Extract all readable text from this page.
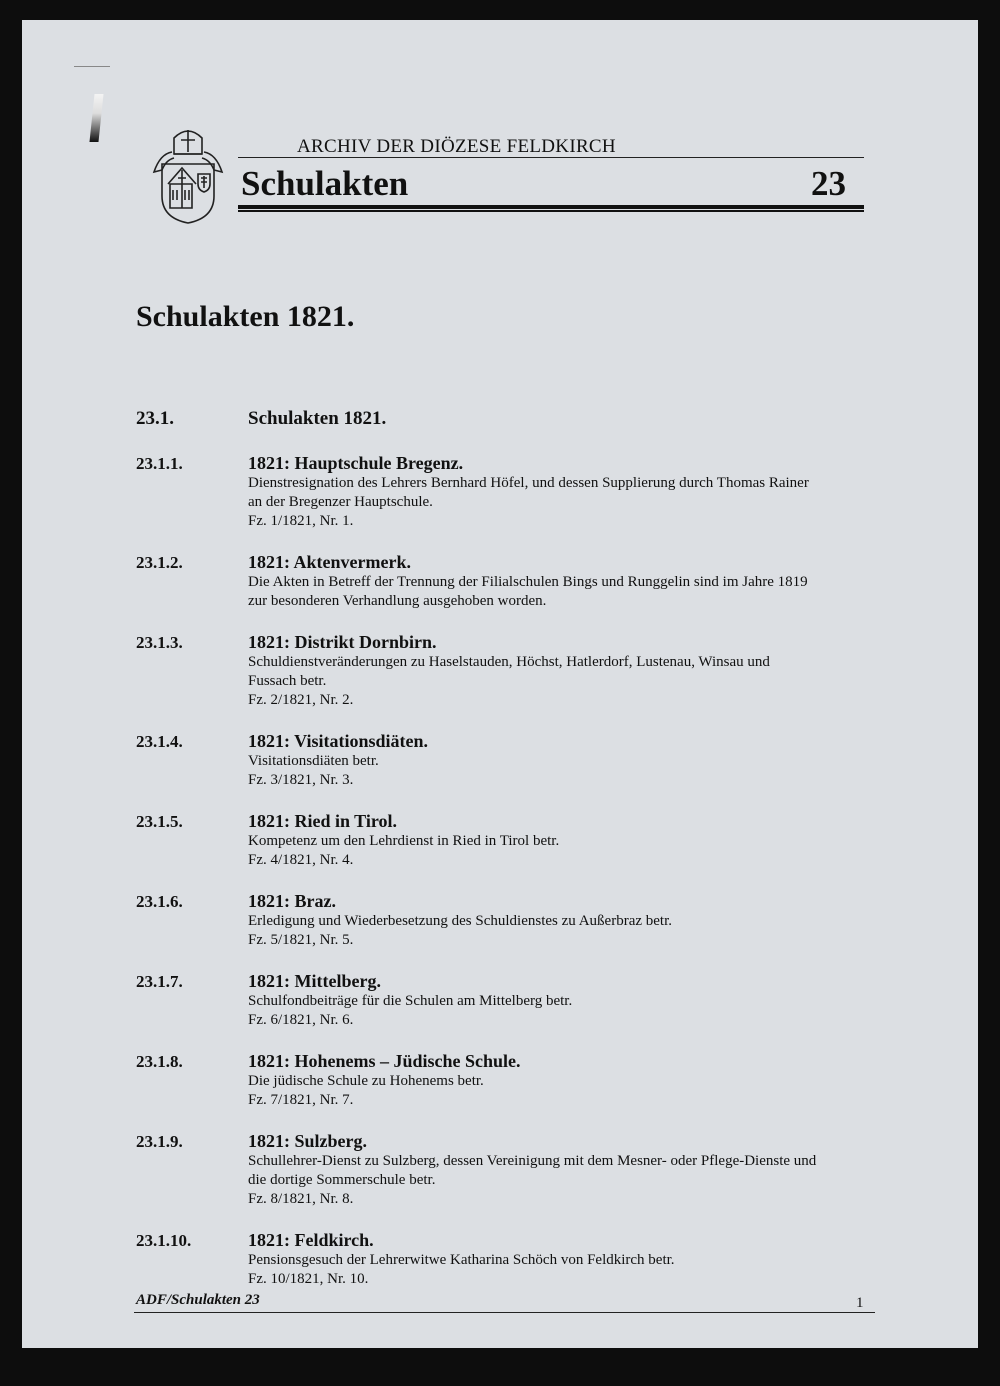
ARCHIV DER DIÖZESE FELDKIRCH
Schulakten	23
Schulakten 1821.
23.1.	Schulakten 1821.
23.1.1.	1821: Hauptschule Bregenz.
Dienstresignation des Lehrers Bernhard Höfel, und dessen Supplierung durch Thomas Rainer
an der Bregenzer Hauptschule.
Fz. 1/1821, Nr. 1.
23.1.2.	1821: Aktenvermerk.
Die Akten in Betreff der Trennung der Filialschulen Bings und Runggelin sind im Jahre 1819
zur besonderen Verhandlung ausgehoben worden.
23.1.3.	1821: Distrikt Dornbirn.
Schuldienstveränderungen zu Haselstauden, Höchst, Hatlerdorf, Lustenau, Winsau und
Fussach betr.
Fz. 2/1821, Nr. 2.
23.1.4.	1821: Visitationsdiäten.
Visitationsdiäten betr.
Fz. 3/1821, Nr. 3.
23.1.5.	1821: Ried in Tirol.
Kompetenz um den Lehrdienst in Ried in Tirol betr.
Fz. 4/1821, Nr. 4.
23.1.6.	1821: Braz.
Erledigung und Wiederbesetzung des Schuldienstes zu Außerbraz betr.
Fz. 5/1821, Nr. 5.
23.1.7.	1821: Mittelberg.
Schulfondbeiträge für die Schulen am Mittelberg betr.
Fz. 6/1821, Nr. 6.
23.1.8.	1821: Hohenems – Jüdische Schule.
Die jüdische Schule zu Hohenems betr.
Fz. 7/1821, Nr. 7.
23.1.9.	1821: Sulzberg.
Schullehrer-Dienst zu Sulzberg, dessen Vereinigung mit dem Mesner- oder Pflege-Dienste und
die dortige Sommerschule betr.
Fz. 8/1821, Nr. 8.
23.1.10.	1821: Feldkirch.
Pensionsgesuch der Lehrerwitwe Katharina Schöch von Feldkirch betr.
Fz. 10/1821, Nr. 10.
ADF/Schulakten 23	1
